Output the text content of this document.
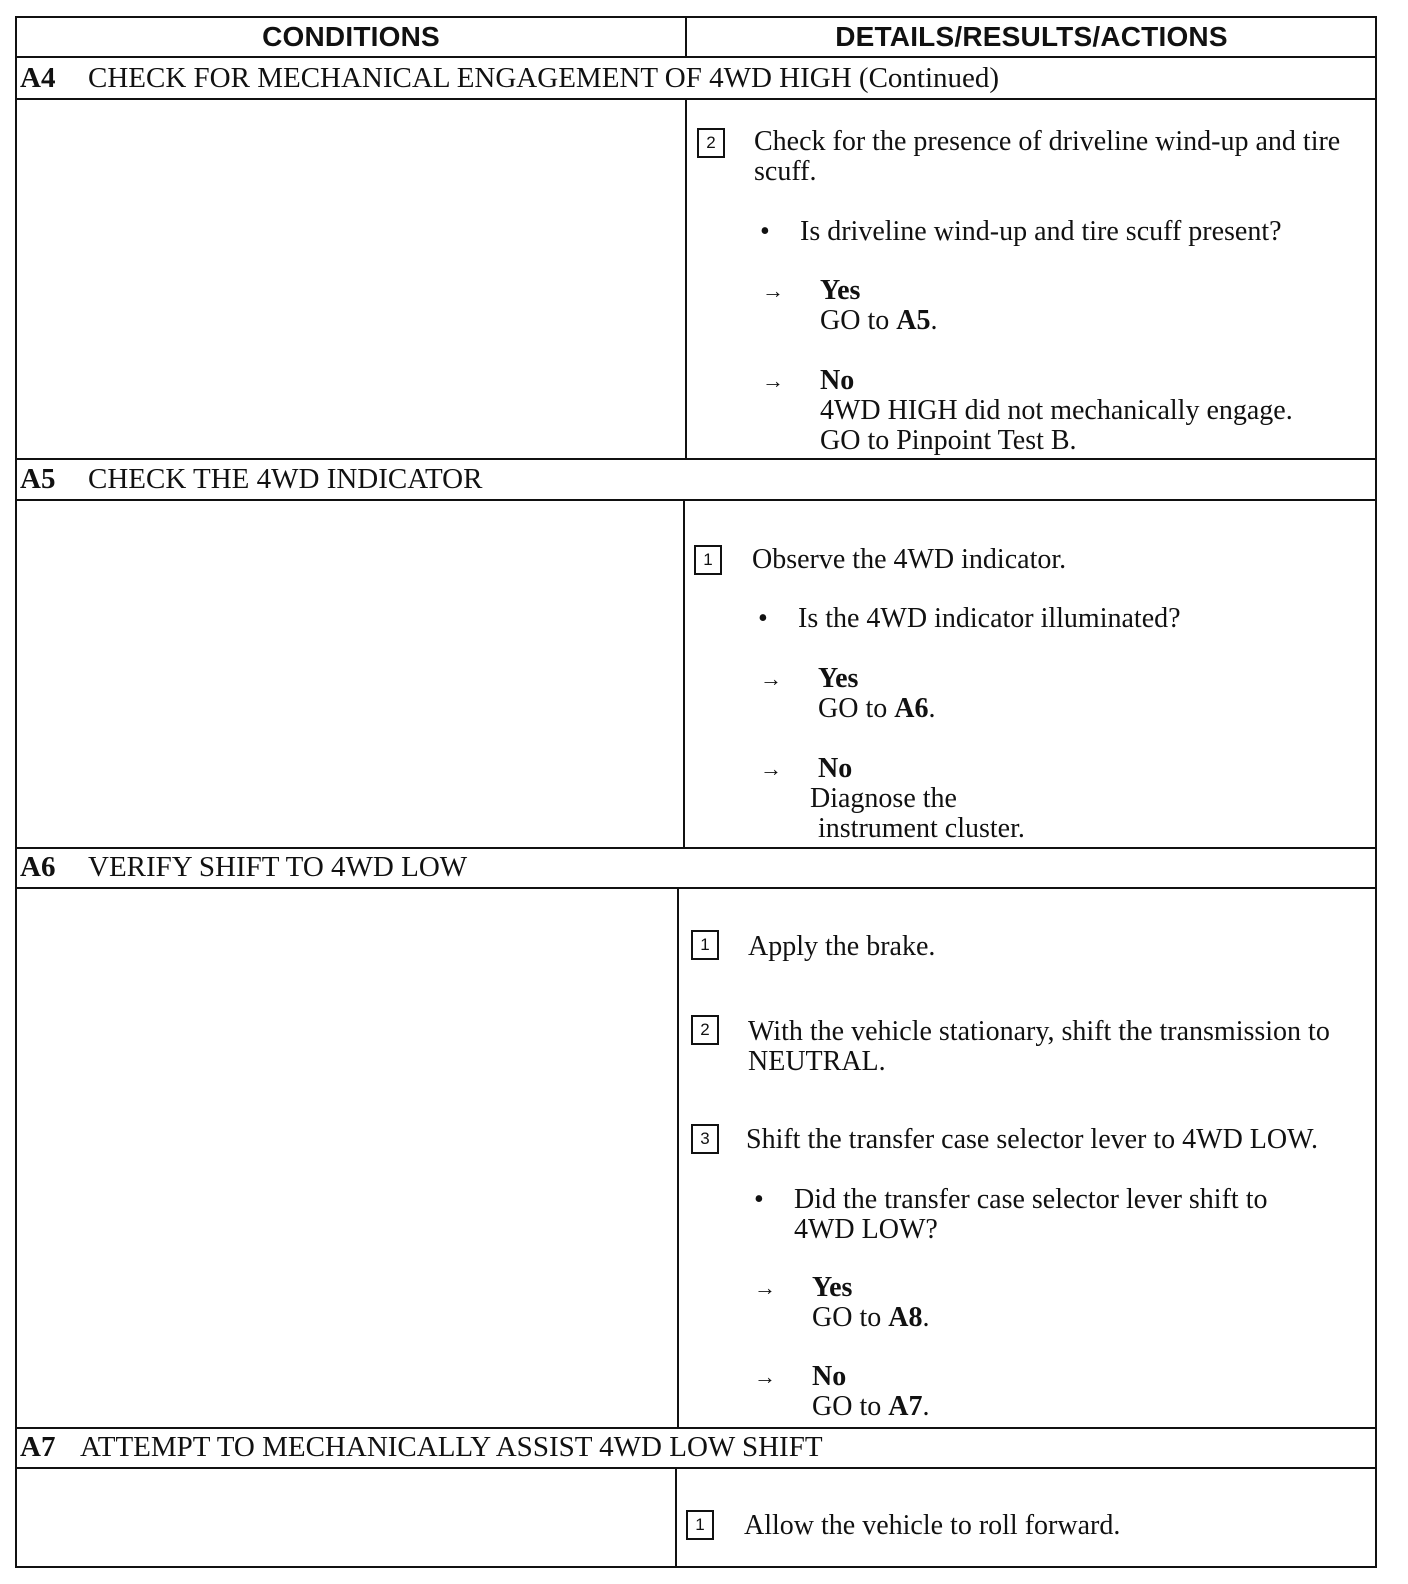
CONDITIONS	DETAILS/RESULTS/ACTIONS
A4 CHECK FOR MECHANICAL ENGAGEMENT OF 4WD HIGH (Continued)
2	Check for the presence of driveline wind-up and tire scuff.
• Is driveline wind-up and tire scuff present?
→ Yes
GO to A5.
→ No
4WD HIGH did not mechanically engage.
GO to Pinpoint Test B.
A5 CHECK THE 4WD INDICATOR
1	Observe the 4WD indicator.
• Is the 4WD indicator illuminated?
→ Yes
GO to A6.
→ No
Diagnose the
instrument cluster.
A6 VERIFY SHIFT TO 4WD LOW
1	Apply the brake.
2	With the vehicle stationary, shift the transmission to NEUTRAL.
3	Shift the transfer case selector lever to 4WD LOW.
• Did the transfer case selector lever shift to 4WD LOW?
→ Yes
GO to A8.
→ No
GO to A7.
A7 ATTEMPT TO MECHANICALLY ASSIST 4WD LOW SHIFT
1	Allow the vehicle to roll forward.
